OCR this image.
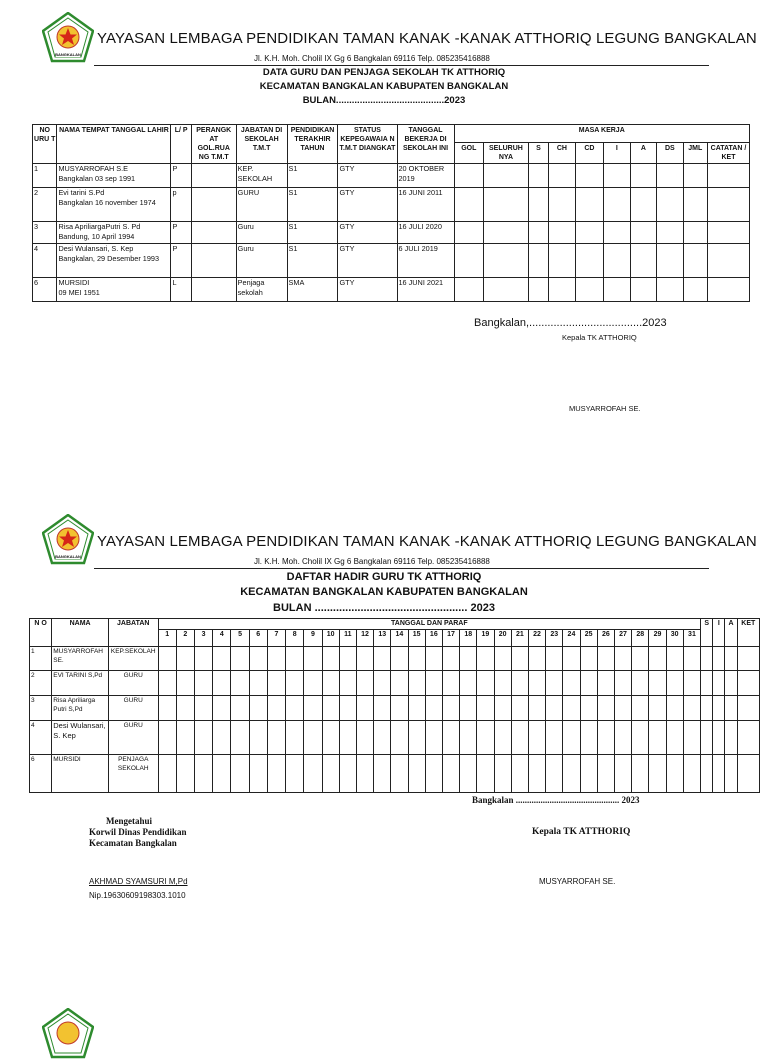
BANGKALAN
YAYASAN LEMBAGA PENDIDIKAN TAMAN KANAK -KANAK ATTHORIQ LEGUNG BANGKALAN
Jl. K.H. Moh. Cholil IX Gg 6 Bangkalan 69116 Telp. 085235416888
DATA GURU DAN PENJAGA SEKOLAH TK ATTHORIQ
KECAMATAN BANGKALAN KABUPATEN BANGKALAN
BULAN.........................................2023
NO URU T	NAMA TEMPAT TANGGAL LAHIR	L/ P	PERANGK AT GOL.RUA NG T.M.T	JABATAN DI SEKOLAH T.M.T	PENDIDIKAN TERAKHIR TAHUN	STATUS KEPEGAWAIA N T.M.T DIANGKAT	TANGGAL BEKERJA DI SEKOLAH INI	MASA KERJA									
								GOL	SELURUH NYA	S	CH	CD	I	A	DS	JML	CATATAN / KET
1	MUSYARROFAH S.E
Bangkalan 03 sep 1991	P		KEP. SEKOLAH	S1	GTY	20 OKTOBER 2019										
2	Evi tarini S.Pd
Bangkalan 16 november 1974	p		GURU	S1	GTY	16 JUNI 2011										
3	Risa ApriliargaPutri S. Pd
Bandung, 10 April 1994	P		Guru	S1	GTY	16 JULI 2020										
4	Desi Wulansari, S. Kep
Bangkalan, 29 Desember 1993	P		Guru	S1	GTY	6 JULI 2019										
6	MURSIDI
09 MEI 1951	L		Penjaga sekolah	SMA	GTY	16 JUNI 2021										
Bangkalan,.....................................2023
Kepala TK ATTHORIQ
MUSYARROFAH SE.
BANGKALAN
YAYASAN LEMBAGA PENDIDIKAN TAMAN KANAK -KANAK ATTHORIQ LEGUNG BANGKALAN
Jl. K.H. Moh. Cholil IX Gg 6 Bangkalan 69116 Telp. 085235416888
DAFTAR HADIR GURU TK ATTHORIQ
KECAMATAN BANGKALAN KABUPATEN BANGKALAN
BULAN .................................................. 2023
N O	NAMA	JABATAN	TANGGAL DAN PARAF																															S	I	A	KET
			1	2	3	4	5	6	7	8	9	10	11	12	13	14	15	16	17	18	19	20	21	22	23	24	25	26	27	28	29	30	31				
1	MUSYARROFAH SE.	KEP.SEKOLAH																																			
2	EVI TARINI S,Pd	GURU																																			
3	Risa Apriliarga Putri S,Pd	GURU																																			
4	Desi Wulansari, S. Kep	GURU																																			
6	MURSIDI	PENJAGA SEKOLAH																																			
Bangkalan .............................................. 2023
Mengetahui
Korwil Dinas Pendidikan
Kecamatan Bangkalan
Kepala TK ATTHORIQ
AKHMAD SYAMSURI M,Pd
Nip.19630609198303.1010
MUSYARROFAH SE.
